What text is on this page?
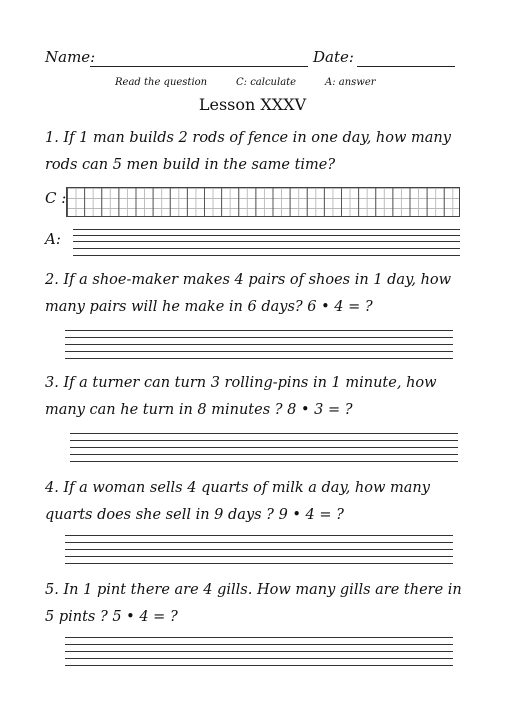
Name:	Date:
Read the question	C: calculate	A: answer
Lesson XXXV
1. If 1 man builds 2 rods of fence in one day, how many
rods can 5 men build in the same time?
C :
A:
2. If a shoe-maker makes 4 pairs of shoes in 1 day, how
many pairs will he make in 6 days? 6 • 4 = ?
3. If a turner can turn 3 rolling-pins in 1 minute, how
many can he turn in 8 minutes ? 8 • 3 = ?
4. If a woman sells 4 quarts of milk a day, how many
quarts does she sell in 9 days ? 9 • 4 = ?
5. In 1 pint there are 4 gills. How many gills are there in
5 pints ? 5 • 4 = ?
